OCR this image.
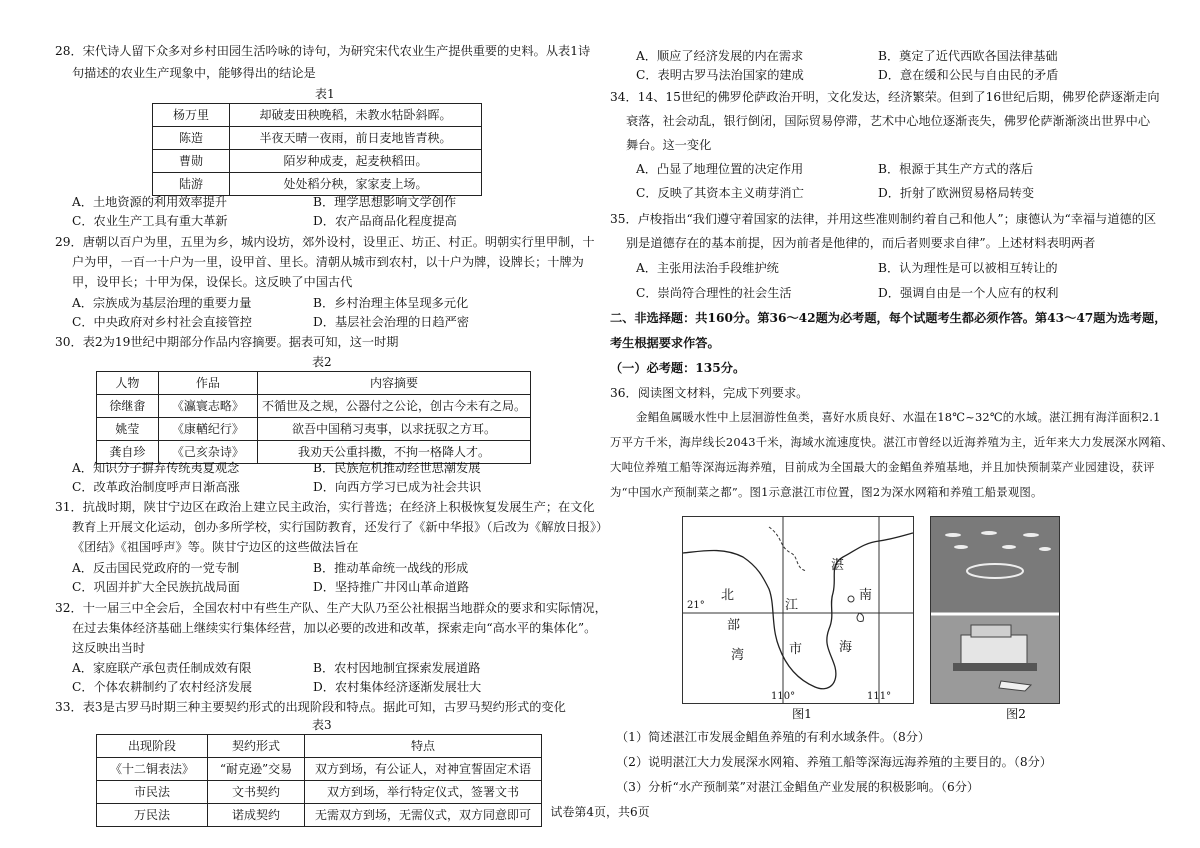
28．宋代诗人留下众多对乡村田园生活吟咏的诗句，为研究宋代农业生产提供重要的史料。从表1诗
句描述的农业生产现象中，能够得出的结论是
表1
杨万里	却破麦田秧晚稻，未教水牯卧斜晖。
陈造	半夜天晴一夜雨，前日麦地皆青秧。
曹勋	陌岁种成麦，起麦秧稻田。
陆游	处处稻分秧，家家麦上场。
A．土地资源的利用效率提升	B．理学思想影响文学创作
C．农业生产工具有重大革新	D．农产品商品化程度提高
29．唐朝以百户为里，五里为乡，城内设坊，郊外设村，设里正、坊正、村正。明朝实行里甲制，十
户为甲，一百一十户为一里，设甲首、里长。清朝从城市到农村，以十户为牌，设牌长；十牌为
甲，设甲长；十甲为保，设保长。这反映了中国古代
A．宗族成为基层治理的重要力量	B．乡村治理主体呈现多元化
C．中央政府对乡村社会直接管控	D．基层社会治理的日趋严密
30．表2为19世纪中期部分作品内容摘要。据表可知，这一时期
表2
人物	作品	内容摘要
徐继畬	《瀛寰志略》	不循世及之规，公器付之公论，创古今未有之局。
姚莹	《康輶纪行》	欲吾中国稍习夷事，以求抚驭之方耳。
龚自珍	《己亥杂诗》	我劝天公重抖擞，不拘一格降人才。
A．知识分子摒弃传统夷夏观念	B．民族危机推动经世思潮发展
C．改革政治制度呼声日渐高涨	D．向西方学习已成为社会共识
31．抗战时期，陕甘宁边区在政治上建立民主政治，实行普选；在经济上积极恢复发展生产；在文化
教育上开展文化运动，创办多所学校，实行国防教育，还发行了《新中华报》（后改为《解放日报》）
《团结》《祖国呼声》等。陕甘宁边区的这些做法旨在
A．反击国民党政府的一党专制	B．推动革命统一战线的形成
C．巩固并扩大全民族抗战局面	D．坚持推广井冈山革命道路
32．十一届三中全会后，全国农村中有些生产队、生产大队乃至公社根据当地群众的要求和实际情况，
在过去集体经济基础上继续实行集体经营，加以必要的改进和改革，探索走向“高水平的集体化”。
这反映出当时
A．家庭联产承包责任制成效有限	B．农村因地制宜探索发展道路
C．个体农耕制约了农村经济发展	D．农村集体经济逐渐发展壮大
33．表3是古罗马时期三种主要契约形式的出现阶段和特点。据此可知，古罗马契约形式的变化
表3
出现阶段	契约形式	特点
《十二铜表法》	“耐克逊”交易	双方到场，有公证人，对神宣誓固定术语
市民法	文书契约	双方到场，举行特定仪式，签署文书
万民法	诺成契约	无需双方到场，无需仪式，双方同意即可
A．顺应了经济发展的内在需求	B．奠定了近代西欧各国法律基础
C．表明古罗马法治国家的建成	D．意在缓和公民与自由民的矛盾
34．14、15世纪的佛罗伦萨政治开明，文化发达，经济繁荣。但到了16世纪后期，佛罗伦萨逐渐走向
衰落，社会动乱，银行倒闭，国际贸易停滞，艺术中心地位逐渐丧失，佛罗伦萨渐渐淡出世界中心
舞台。这一变化
A．凸显了地理位置的决定作用	B．根源于其生产方式的落后
C．反映了其资本主义萌芽消亡	D．折射了欧洲贸易格局转变
35．卢梭指出“我们遵守着国家的法律，并用这些准则制约着自己和他人”；康德认为“幸福与道德的区
别是道德存在的基本前提，因为前者是他律的，而后者则要求自律”。上述材料表明两者
A．主张用法治手段维护统	B．认为理性是可以被相互转让的
C．崇尚符合理性的社会生活	D．强调自由是一个人应有的权利
二、非选择题：共160分。第36～42题为必考题，每个试题考生都必须作答。第43～47题为选考题，
考生根据要求作答。
（一）必考题：135分。
36．阅读图文材料，完成下列要求。
金鲳鱼属暖水性中上层洄游性鱼类，喜好水质良好、水温在18℃~32℃的水域。湛江拥有海洋面积2.1
万平方千米，海岸线长2043千米，海域水流速度快。湛江市曾经以近海养殖为主，近年来大力发展深水网箱、
大吨位养殖工船等深海远海养殖，目前成为全国最大的金鲳鱼养殖基地，并且加快预制菜产业园建设，获评
为“中国水产预制菜之都”。图1示意湛江市位置，图2为深水网箱和养殖工船景观图。
湛
江
市
北
部
湾
南
海
21°
110°	111°
图1	图2
（1）简述湛江市发展金鲳鱼养殖的有利水域条件。（8分）
（2）说明湛江大力发展深水网箱、养殖工船等深海远海养殖的主要目的。（8分）
（3）分析“水产预制菜”对湛江金鲳鱼产业发展的积极影响。（6分）
试卷第4页，共6页
